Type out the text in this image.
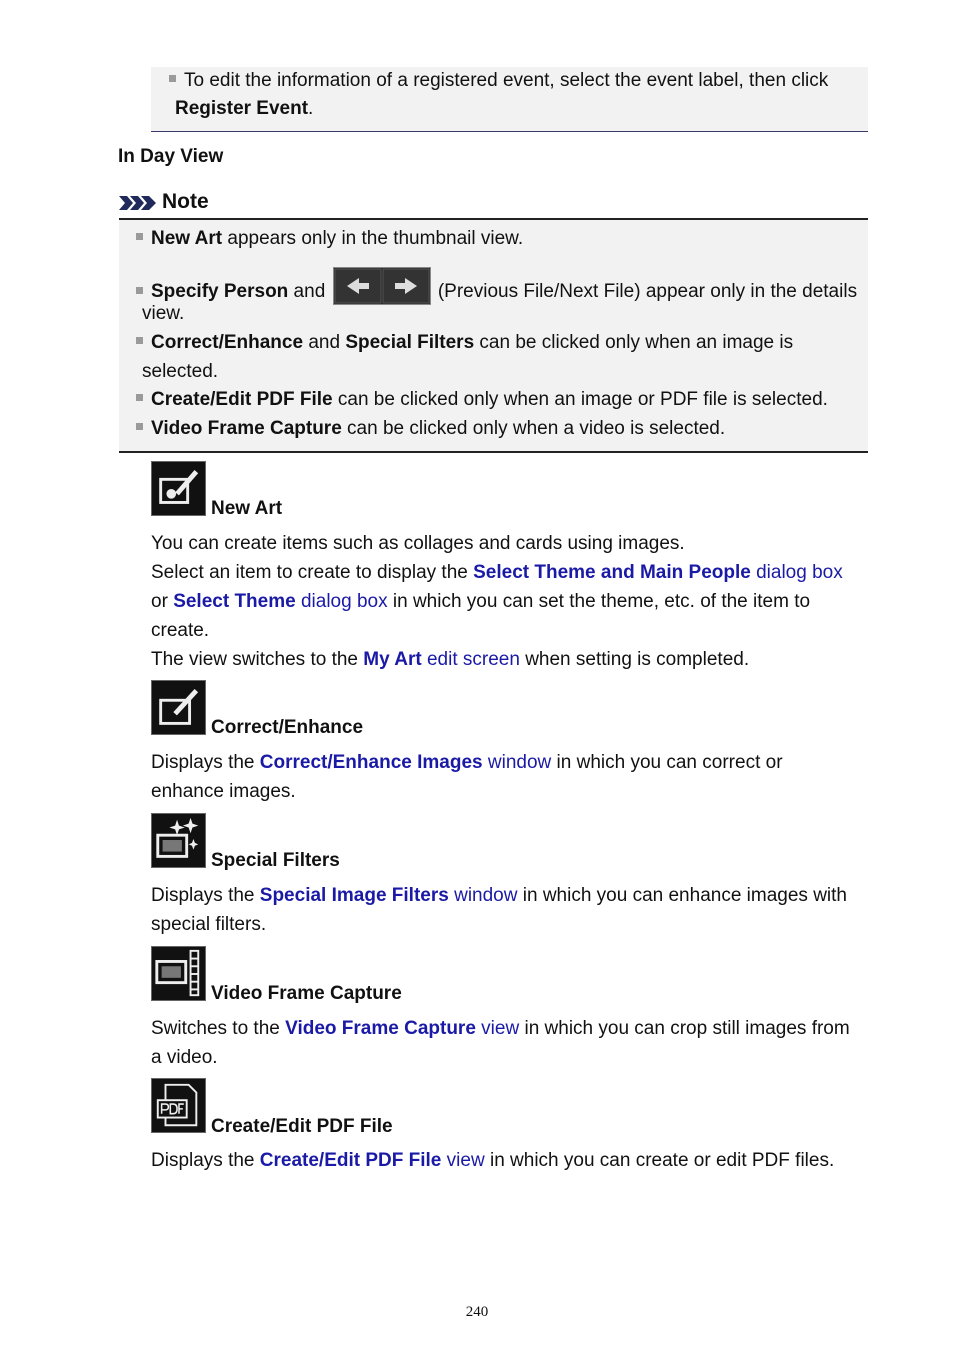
To edit the information of a registered event, select the event label, then click
Register Event.
In Day View
Note
New Art appears only in the thumbnail view.
Specify Person and	(Previous File/Next File) appear only in the details
view.
Correct/Enhance and Special Filters can be clicked only when an image is
selected.
Create/Edit PDF File can be clicked only when an image or PDF file is selected.
Video Frame Capture can be clicked only when a video is selected.
New Art
You can create items such as collages and cards using images.
Select an item to create to display the Select Theme and Main People dialog box
or Select Theme dialog box in which you can set the theme, etc. of the item to
create.
The view switches to the My Art edit screen when setting is completed.
Correct/Enhance
Displays the Correct/Enhance Images window in which you can correct or
enhance images.
Special Filters
Displays the Special Image Filters window in which you can enhance images with
special filters.
Video Frame Capture
Switches to the Video Frame Capture view in which you can crop still images from
a video.
Create/Edit PDF File
Displays the Create/Edit PDF File view in which you can create or edit PDF files.
240
